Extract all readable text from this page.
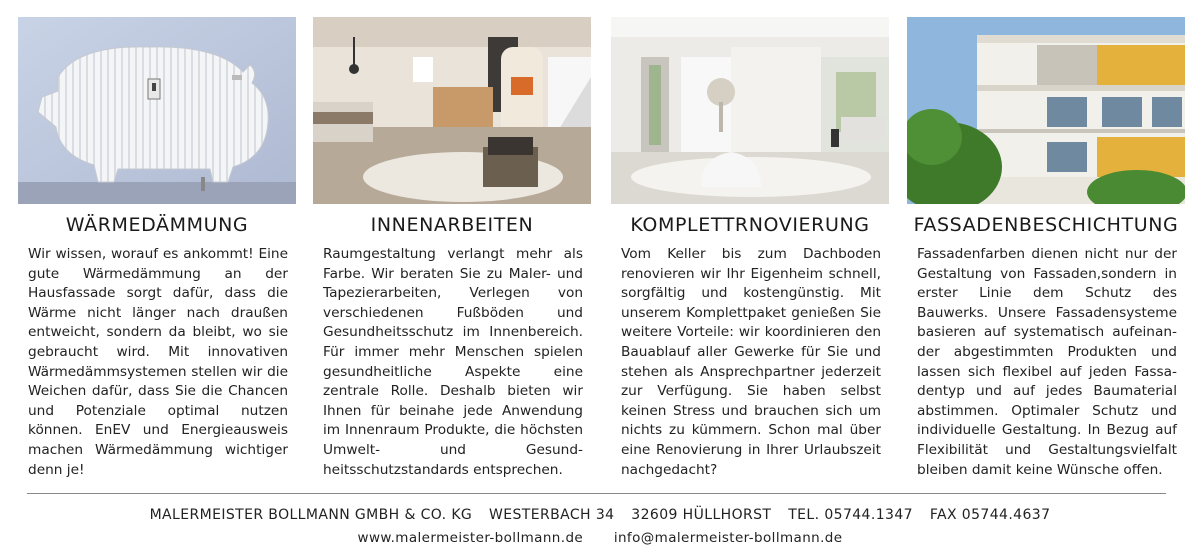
WÄRMEDÄMMUNG
Wir wissen, worauf es ankommt! Eine gute Wärmedämmung an der Hausfassade sorgt dafür, dass die Wärme nicht länger nach draußen entweicht, sondern da bleibt, wo sie gebraucht wird. Mit innovativen Wärmedämmsystemen stellen wir die Weichen dafür, dass Sie die Chancen und Potenziale optimal nutzen können. EnEV und Energieausweis machen Wärmedämmung wichtiger denn je!
INNENARBEITEN
Raumgestaltung verlangt mehr als Farbe. Wir beraten Sie zu Maler- und Tapezierarbeiten, Verlegen von verschiedenen Fußböden und Gesundheitsschutz im Innenbereich. Für immer mehr Menschen spielen gesundheitliche Aspekte eine zentrale Rolle. Deshalb bieten wir Ihnen für beinahe jede Anwendung im Innenraum Produkte, die höchsten Umwelt- und Gesundheitsschutzstandards entsprechen.
KOMPLETTRNOVIERUNG
Vom Keller bis zum Dachboden renovieren wir Ihr Eigenheim schnell, sorgfältig und kostengünstig. Mit unserem Komplettpaket genießen Sie weitere Vorteile: wir koordinieren den Bauablauf aller Gewerke für Sie und stehen als Ansprechpartner jederzeit zur Verfügung. Sie haben selbst keinen Stress und brauchen sich um nichts zu kümmern. Schon mal über eine Renovierung in Ihrer Urlaubszeit nachgedacht?
FASSADENBESCHICHTUNG
Fassadenfarben dienen nicht nur der Gestaltung von Fassaden,sondern in erster Linie dem Schutz des Bauwerks. Unsere Fassadensysteme basieren auf systematisch aufeinander abgestimmten Produkten und lassen sich flexibel auf jeden Fassadentyp und auf jedes Baumaterial abstimmen. Optimaler Schutz und individuelle Gestaltung. In Bezug auf Flexibilität und Gestaltungsvielfalt bleiben damit keine Wünsche offen.
MALERMEISTER BOLLMANN GMBH & CO. KG WESTERBACH 34 32609 HÜLLHORST TEL. 05744.1347 FAX 05744.4637
www.malermeister-bollmann.de info@malermeister-bollmann.de
